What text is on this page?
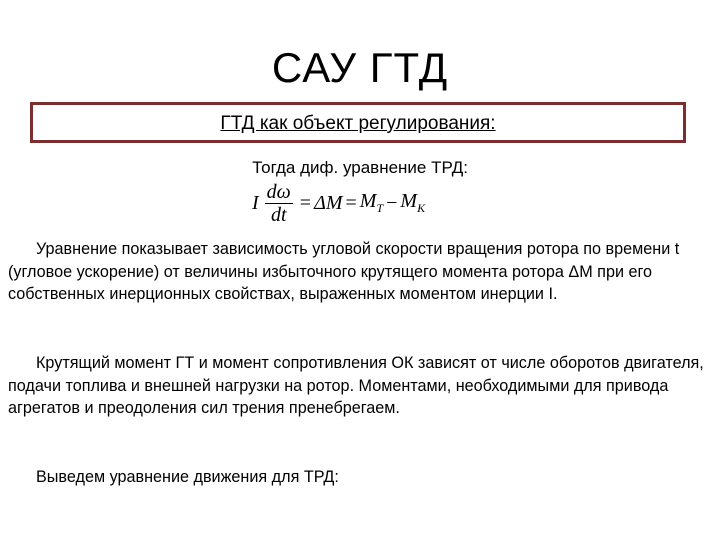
САУ ГТД
ГТД как объект регулирования:
Тогда диф. уравнение ТРД:
I $\frac{d\omega}{dt} = \Delta M = M_T - M_K$
Уравнение показывает зависимость угловой скорости вращения ротора по времени t (угловое ускорение) от величины избыточного крутящего момента ротора ΔM при его собственных инерционных свойствах, выраженных моментом инерции I.
Крутящий момент ГТ и момент сопротивления ОК зависят от числе оборотов двигателя, подачи топлива и внешней нагрузки на ротор. Моментами, необходимыми для привода агрегатов и преодоления сил трения пренебрегаем.
Выведем уравнение движения для ТРД:
